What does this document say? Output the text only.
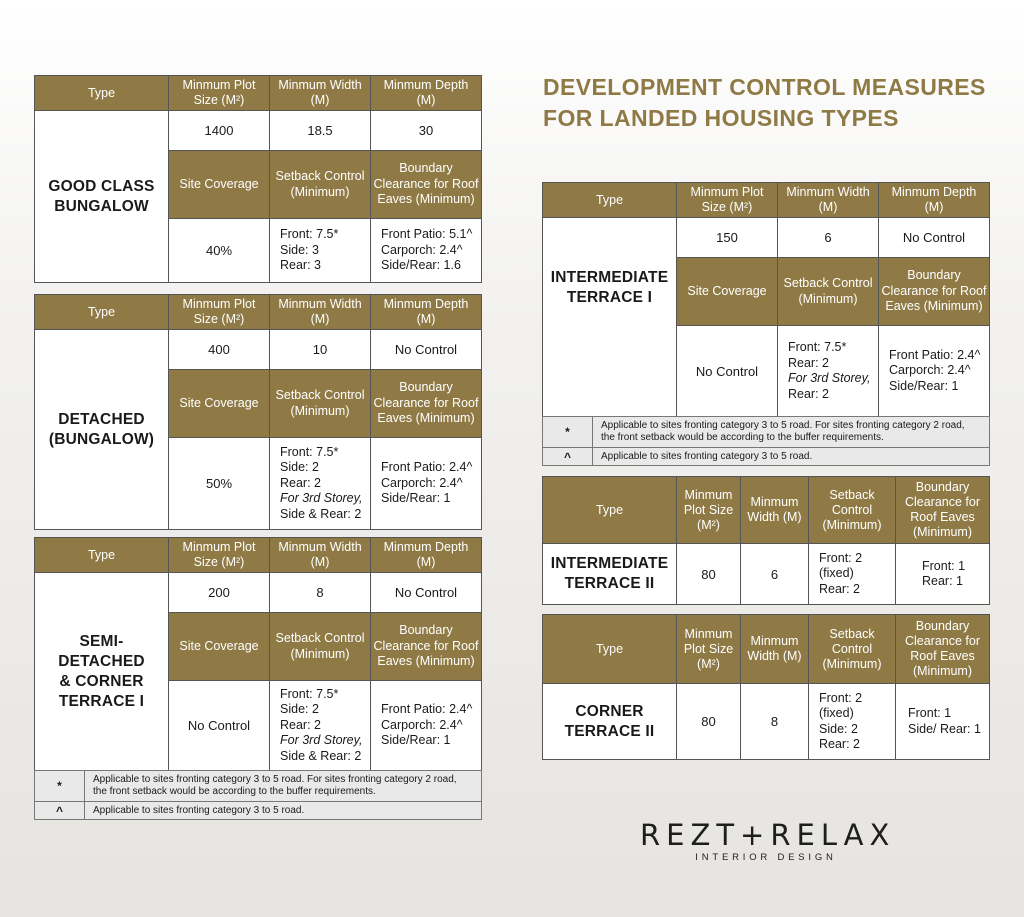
DEVELOPMENT CONTROL MEASURES
FOR LANDED HOUSING TYPES
Type	Minmum Plot Size (M²)	Minmum Width (M)	Minmum Depth (M)

GOOD CLASS
BUNGALOW	1400	18.5	30
	Site Coverage	Setback Control (Minimum)	Boundary Clearance for Roof Eaves (Minimum)
	40%	Front: 7.5*
Side: 3
Rear: 3	Front Patio: 5.1^
Carporch: 2.4^
Side/Rear: 1.6
Type	Minmum Plot Size (M²)	Minmum Width (M)	Minmum Depth (M)

DETACHED
(BUNGALOW)	400	10	No Control
	Site Coverage	Setback Control (Minimum)	Boundary Clearance for Roof Eaves (Minimum)
	50%	Front: 7.5*
Side: 2
Rear: 2
For 3rd Storey,
Side & Rear: 2	Front Patio: 2.4^
Carporch: 2.4^
Side/Rear: 1
Type	Minmum Plot Size (M²)	Minmum Width (M)	Minmum Depth (M)

SEMI-DETACHED
& CORNER
TERRACE I	200	8	No Control
	Site Coverage	Setback Control (Minimum)	Boundary Clearance for Roof Eaves (Minimum)
	No Control	Front: 7.5*
Side: 2
Rear: 2
For 3rd Storey,
Side & Rear: 2	Front Patio: 2.4^
Carporch: 2.4^
Side/Rear: 1
*	Applicable to sites fronting category 3 to 5 road. For sites fronting category 2 road,
the front setback would be according to the buffer requirements.

^	Applicable to sites fronting category 3 to 5 road.
Type	Minmum Plot Size (M²)	Minmum Width (M)	Minmum Depth (M)

INTERMEDIATE
TERRACE I	150	6	No Control
	Site Coverage	Setback Control (Minimum)	Boundary Clearance for Roof Eaves (Minimum)
	No Control	Front: 7.5*
Rear: 2
For 3rd Storey,
Rear: 2	Front Patio: 2.4^
Carporch: 2.4^
Side/Rear: 1
*	Applicable to sites fronting category 3 to 5 road. For sites fronting category 2 road,
the front setback would be according to the buffer requirements.

^	Applicable to sites fronting category 3 to 5 road.
Type	Minmum Plot Size (M²)	Minmum Width (M)	Setback Control (Minimum)	Boundary Clearance for Roof Eaves (Minimum)

INTERMEDIATE
TERRACE II	80	6	Front: 2
(fixed)
Rear: 2	Front: 1
Rear: 1
Type	Minmum Plot Size (M²)	Minmum Width (M)	Setback Control (Minimum)	Boundary Clearance for Roof Eaves (Minimum)

CORNER
TERRACE II	80	8	Front: 2
(fixed)
Side: 2
Rear: 2	Front: 1
Side/ Rear: 1
REZT+RELAX
INTERIOR DESIGN
